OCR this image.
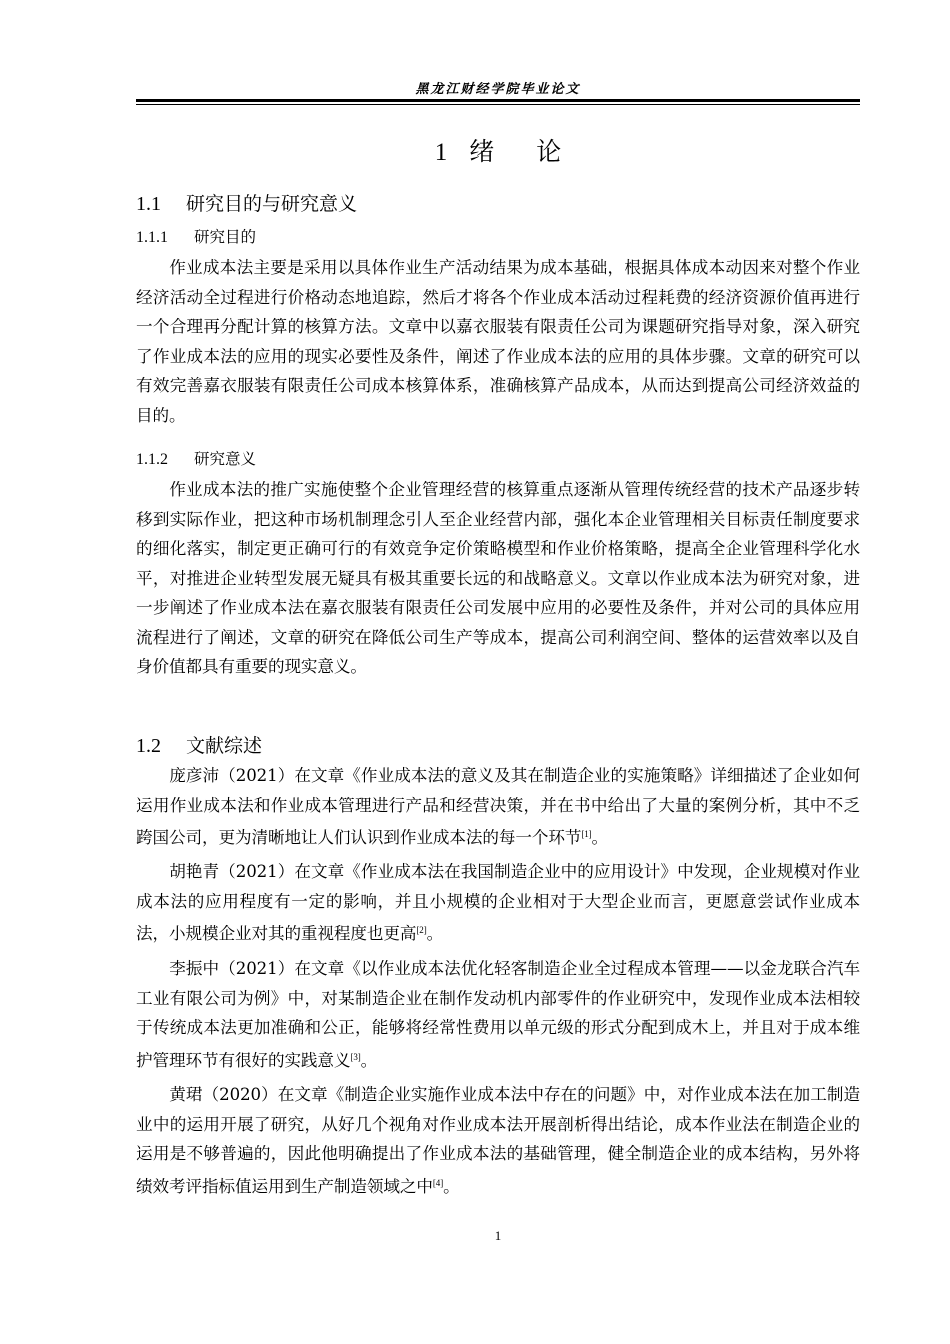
黑龙江财经学院毕业论文
1 绪 论
1.1 研究目的与研究意义
1.1.1 研究目的
作业成本法主要是采用以具体作业生产活动结果为成本基础，根据具体成本动因来对整个作业经济活动全过程进行价格动态地追踪，然后才将各个作业成本活动过程耗费的经济资源价值再进行一个合理再分配计算的核算方法。文章中以嘉衣服装有限责任公司为课题研究指导对象，深入研究了作业成本法的应用的现实必要性及条件，阐述了作业成本法的应用的具体步骤。文章的研究可以有效完善嘉衣服装有限责任公司成本核算体系，准确核算产品成本，从而达到提高公司经济效益的目的。
1.1.2 研究意义
作业成本法的推广实施使整个企业管理经营的核算重点逐渐从管理传统经营的技术产品逐步转移到实际作业，把这种市场机制理念引人至企业经营内部，强化本企业管理相关目标责任制度要求的细化落实，制定更正确可行的有效竞争定价策略模型和作业价格策略，提高全企业管理科学化水平，对推进企业转型发展无疑具有极其重要长远的和战略意义。文章以作业成本法为研究对象，进一步阐述了作业成本法在嘉衣服装有限责任公司发展中应用的必要性及条件，并对公司的具体应用流程进行了阐述，文章的研究在降低公司生产等成本，提高公司利润空间、整体的运营效率以及自身价值都具有重要的现实意义。
1.2 文献综述
庞彦沛（2021）在文章《作业成本法的意义及其在制造企业的实施策略》详细描述了企业如何运用作业成本法和作业成本管理进行产品和经营决策，并在书中给出了大量的案例分析，其中不乏跨国公司，更为清晰地让人们认识到作业成本法的每一个环节[1]。
胡艳青（2021）在文章《作业成本法在我国制造企业中的应用设计》中发现，企业规模对作业成本法的应用程度有一定的影响，并且小规模的企业相对于大型企业而言，更愿意尝试作业成本法，小规模企业对其的重视程度也更高[2]。
李振中（2021）在文章《以作业成本法优化轻客制造企业全过程成本管理——以金龙联合汽车工业有限公司为例》中，对某制造企业在制作发动机内部零件的作业研究中，发现作业成本法相较于传统成本法更加准确和公正，能够将经常性费用以单元级的形式分配到成木上，并且对于成本维护管理环节有很好的实践意义[3]。
黄珺（2020）在文章《制造企业实施作业成本法中存在的问题》中，对作业成本法在加工制造业中的运用开展了研究，从好几个视角对作业成本法开展剖析得出结论，成本作业法在制造企业的运用是不够普遍的，因此他明确提出了作业成本法的基础管理，健全制造企业的成本结构，另外将绩效考评指标值运用到生产制造领域之中[4]。
1
